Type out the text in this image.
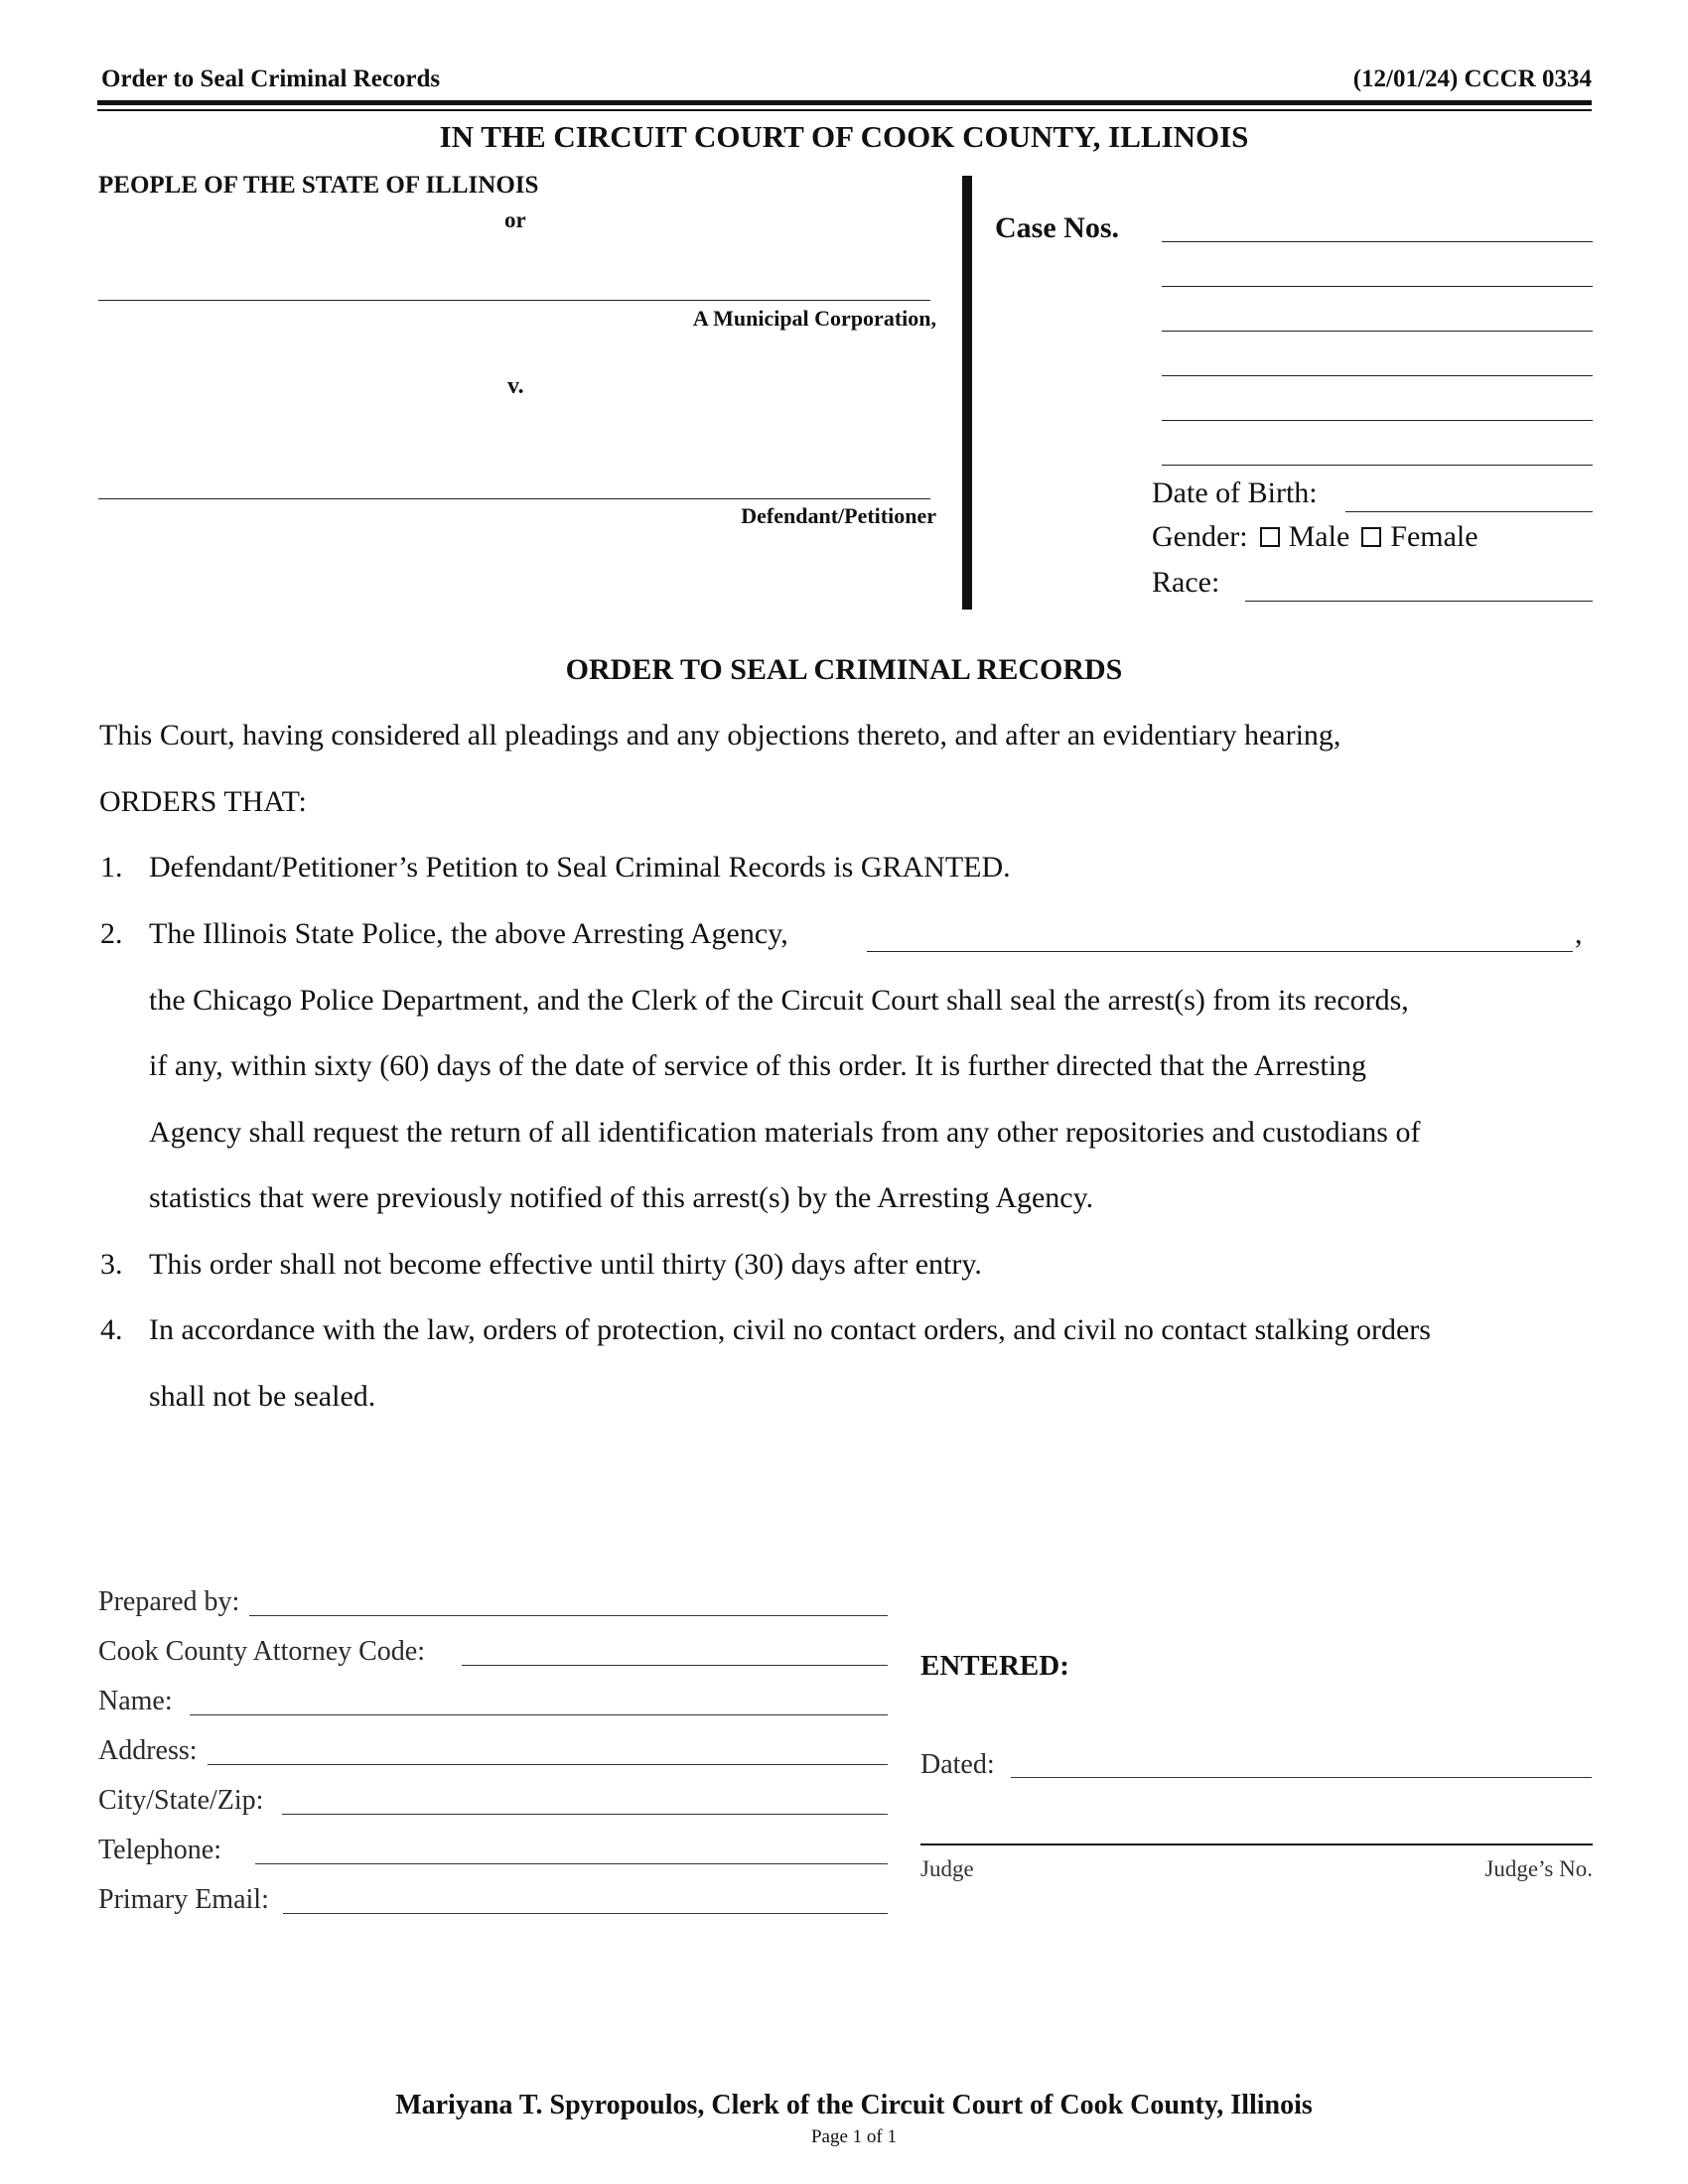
Order to Seal Criminal Records	(12/01/24) CCCR 0334
IN THE CIRCUIT COURT OF COOK COUNTY, ILLINOIS
PEOPLE OF THE STATE OF ILLINOIS
or
A Municipal Corporation,
v.
Defendant/Petitioner
Case Nos.
Date of Birth:
Gender: Male Female
Race:
ORDER TO SEAL CRIMINAL RECORDS
This Court, having considered all pleadings and any objections thereto, and after an evidentiary hearing,
ORDERS THAT:
1. Defendant/Petitioner’s Petition to Seal Criminal Records is GRANTED.
2. The Illinois State Police, the above Arresting Agency,	,
the Chicago Police Department, and the Clerk of the Circuit Court shall seal the arrest(s) from its records,
if any, within sixty (60) days of the date of service of this order. It is further directed that the Arresting
Agency shall request the return of all identification materials from any other repositories and custodians of
statistics that were previously notified of this arrest(s) by the Arresting Agency.
3. This order shall not become effective until thirty (30) days after entry.
4. In accordance with the law, orders of protection, civil no contact orders, and civil no contact stalking orders
shall not be sealed.
Prepared by:
Cook County Attorney Code:
Name:
Address:
City/State/Zip:
Telephone:
Primary Email:
ENTERED:
Dated:
Judge	Judge’s No.
Mariyana T. Spyropoulos, Clerk of the Circuit Court of Cook County, Illinois
Page 1 of 1
